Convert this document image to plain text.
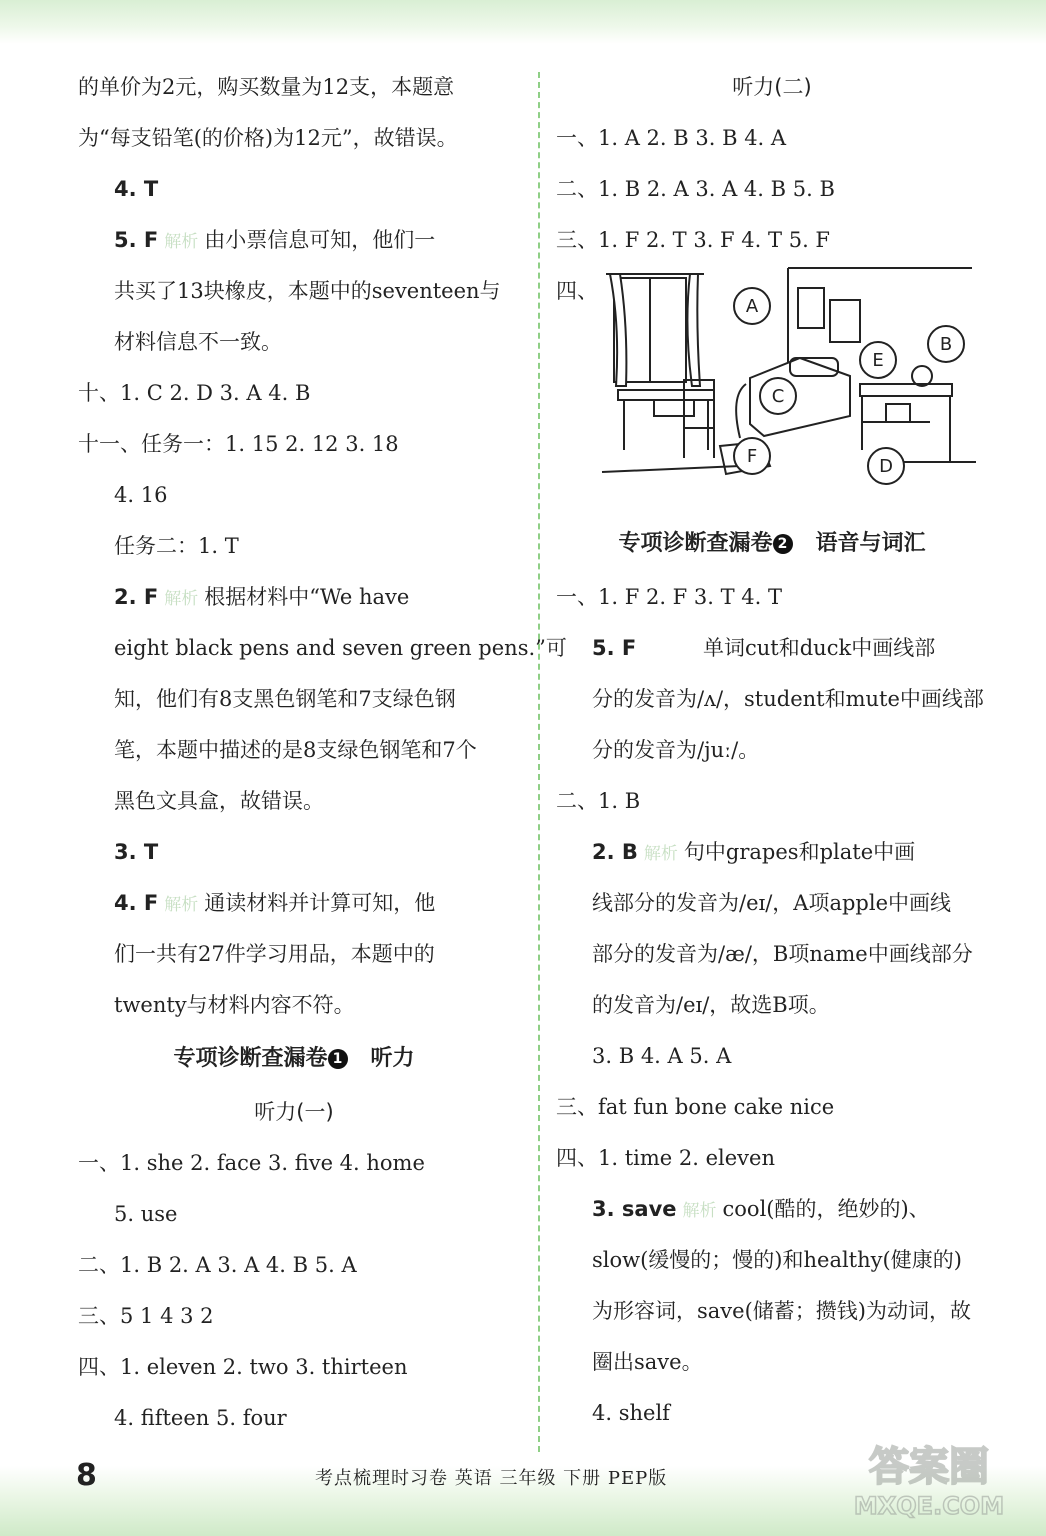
的单价为2元，购买数量为12支，本题意
为“每支铅笔(的价格)为12元”，故错误。
4. T
5. F 解析 由小票信息可知，他们一
共买了13块橡皮，本题中的seventeen与
材料信息不一致。
十、1. C 2. D 3. A 4. B
十一、任务一：1. 15 2. 12 3. 18
4. 16
任务二：1. T
2. F 解析 根据材料中“We have
eight black pens and seven green pens.”可
知，他们有8支黑色钢笔和7支绿色钢
笔，本题中描述的是8支绿色钢笔和7个
黑色文具盒，故错误。
3. T
4. F 解析 通读材料并计算可知，他
们一共有27件学习用品，本题中的
twenty与材料内容不符。
专项诊断查漏卷 1 听力
听力(一)
一、1. she 2. face 3. five 4. home
5. use
二、1. B 2. A 3. A 4. B 5. A
三、5 1 4 3 2
四、1. eleven 2. two 3. thirteen
4. fifteen 5. four
听力(二)
一、1. A 2. B 3. B 4. A
二、1. B 2. A 3. A 4. B 5. B
三、1. F 2. T 3. F 4. T 5. F
四、
A
B
C
D
E
F
专项诊断查漏卷 2 语音与词汇
一、1. F 2. F 3. T 4. T
5. F	单词cut和duck中画线部
分的发音为/ʌ/，student和mute中画线部
分的发音为/juː/。
二、1. B
2. B 解析 句中grapes和plate中画
线部分的发音为/eɪ/，A项apple中画线
部分的发音为/æ/，B项name中画线部分
的发音为/eɪ/，故选B项。
3. B 4. A 5. A
三、fat fun bone cake nice
四、1. time 2. eleven
3. save 解析 cool(酷的，绝妙的)、
slow(缓慢的；慢的)和healthy(健康的)
为形容词，save(储蓄；攒钱)为动词，故
圈出save。
4. shelf
8	考点梳理时习卷 英语 三年级 下册 PEP版	答案圈
MXQE.COM
